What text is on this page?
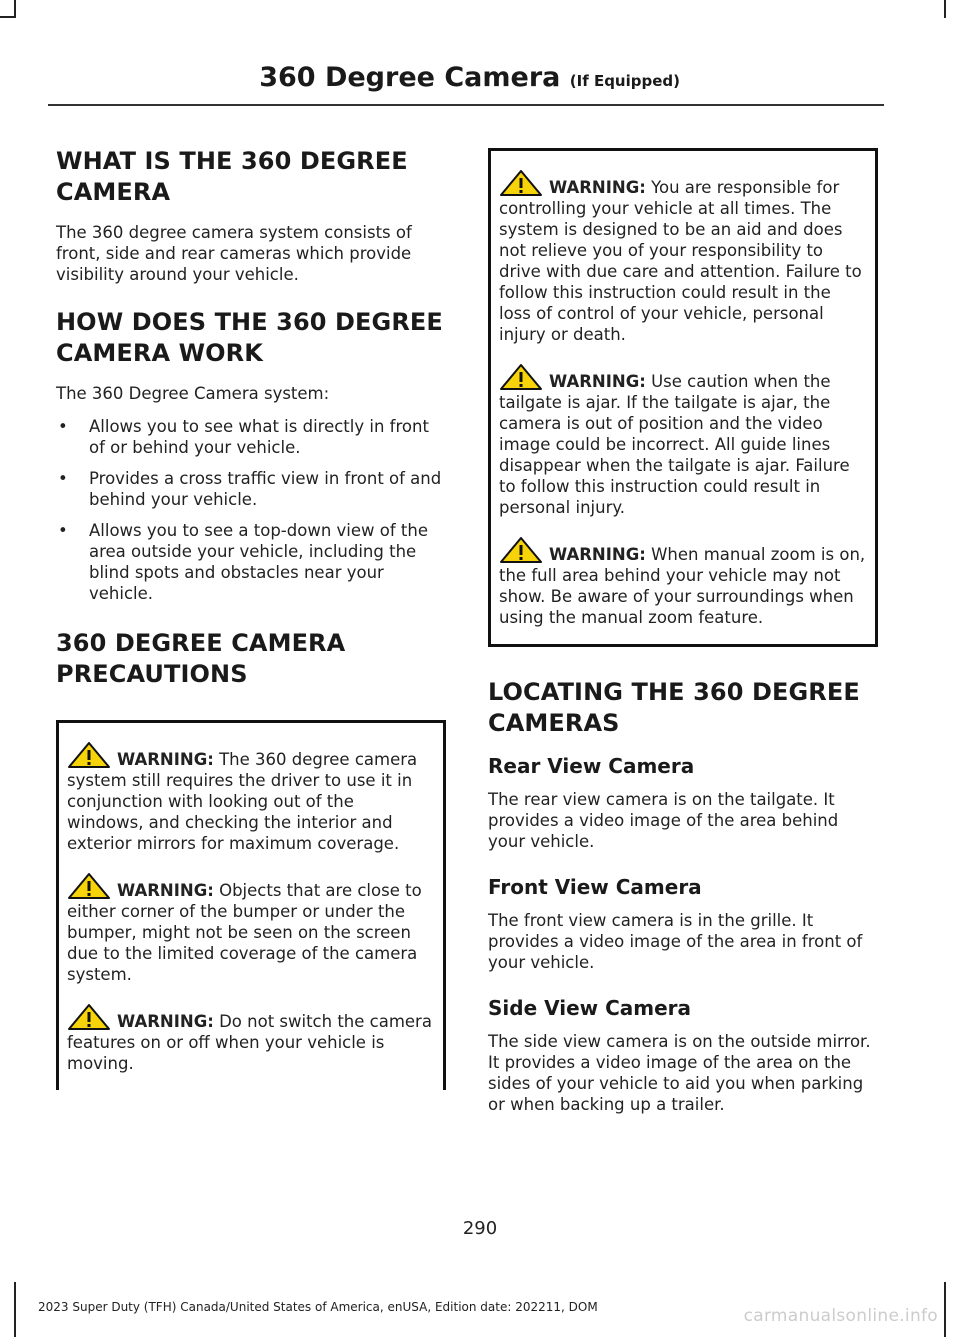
360 Degree Camera (If Equipped)
WHAT IS THE 360 DEGREE CAMERA

The 360 degree camera system consists of front, side and rear cameras which provide visibility around your vehicle.

HOW DOES THE 360 DEGREE CAMERA WORK

The 360 Degree Camera system:

• Allows you to see what is directly in front of or behind your vehicle.
• Provides a cross traffic view in front of and behind your vehicle.
• Allows you to see a top-down view of the area outside your vehicle, including the blind spots and obstacles near your vehicle.
360 DEGREE CAMERA PRECAUTIONS
WARNING: The 360 degree camera system still requires the driver to use it in conjunction with looking out of the windows, and checking the interior and exterior mirrors for maximum coverage.
WARNING: Objects that are close to either corner of the bumper or under the bumper, might not be seen on the screen due to the limited coverage of the camera system.
WARNING: Do not switch the camera features on or off when your vehicle is moving.
WARNING: You are responsible for controlling your vehicle at all times. The system is designed to be an aid and does not relieve you of your responsibility to drive with due care and attention. Failure to follow this instruction could result in the loss of control of your vehicle, personal injury or death.
WARNING: Use caution when the tailgate is ajar. If the tailgate is ajar, the camera is out of position and the video image could be incorrect. All guide lines disappear when the tailgate is ajar. Failure to follow this instruction could result in personal injury.
WARNING: When manual zoom is on, the full area behind your vehicle may not show. Be aware of your surroundings when using the manual zoom feature.
LOCATING THE 360 DEGREE CAMERAS
Rear View Camera

The rear view camera is on the tailgate. It provides a video image of the area behind your vehicle.

Front View Camera

The front view camera is in the grille. It provides a video image of the area in front of your vehicle.

Side View Camera

The side view camera is on the outside mirror. It provides a video image of the area on the sides of your vehicle to aid you when parking or when backing up a trailer.

290
2023 Super Duty (TFH) Canada/United States of America, enUSA, Edition date: 202211, DOM	carmanualsonline.info
